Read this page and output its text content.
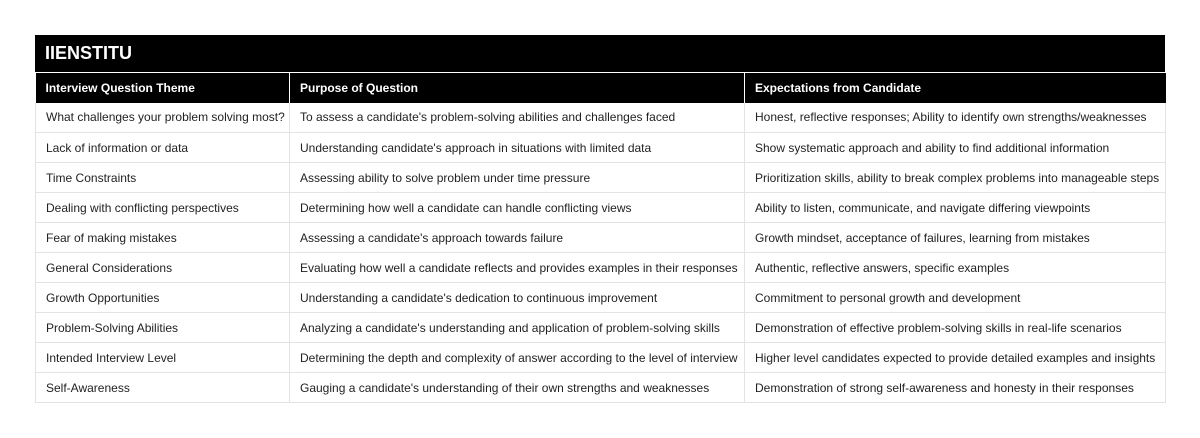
IIENSTITU
Interview Question Theme	Purpose of Question	Expectations from Candidate
What challenges your problem solving most?	To assess a candidate's problem-solving abilities and challenges faced	Honest, reflective responses; Ability to identify own strengths/weaknesses
Lack of information or data	Understanding candidate's approach in situations with limited data	Show systematic approach and ability to find additional information
Time Constraints	Assessing ability to solve problem under time pressure	Prioritization skills, ability to break complex problems into manageable steps
Dealing with conflicting perspectives	Determining how well a candidate can handle conflicting views	Ability to listen, communicate, and navigate differing viewpoints
Fear of making mistakes	Assessing a candidate's approach towards failure	Growth mindset, acceptance of failures, learning from mistakes
General Considerations	Evaluating how well a candidate reflects and provides examples in their responses	Authentic, reflective answers, specific examples
Growth Opportunities	Understanding a candidate's dedication to continuous improvement	Commitment to personal growth and development
Problem-Solving Abilities	Analyzing a candidate's understanding and application of problem-solving skills	Demonstration of effective problem-solving skills in real-life scenarios
Intended Interview Level	Determining the depth and complexity of answer according to the level of interview	Higher level candidates expected to provide detailed examples and insights
Self-Awareness	Gauging a candidate's understanding of their own strengths and weaknesses	Demonstration of strong self-awareness and honesty in their responses
